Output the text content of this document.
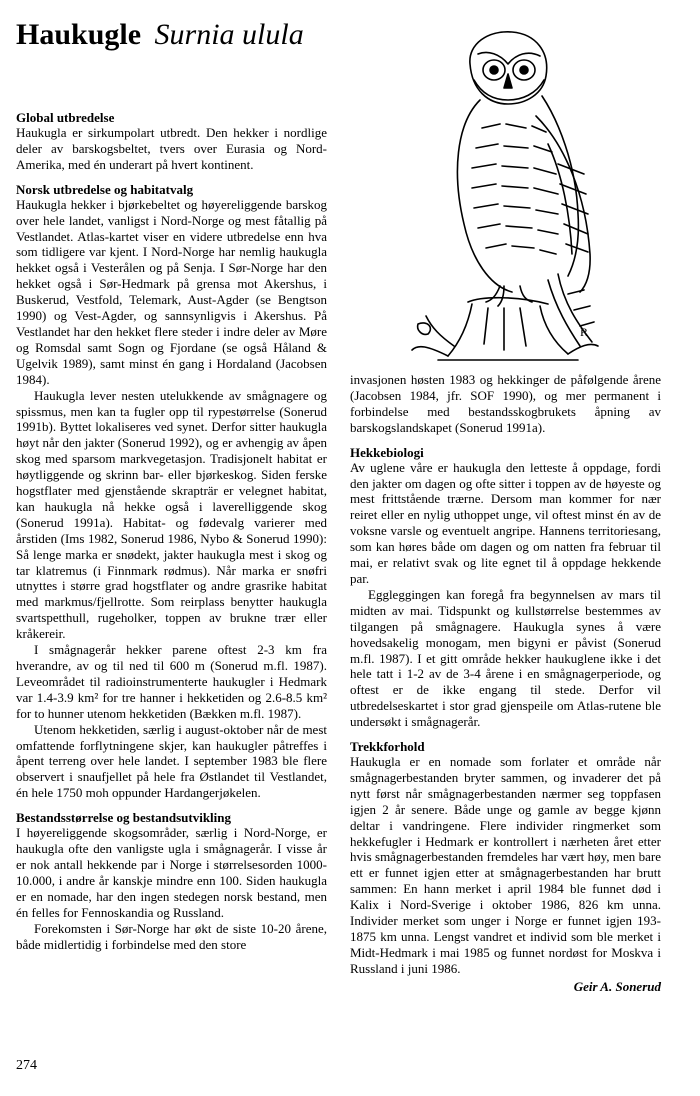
Haukugle Surnia ulula
R
Global utbredelse

Haukugla er sirkumpolart utbredt. Den hekker i nordlige deler av barskogsbeltet, tvers over Eurasia og Nord-Amerika, med én underart på hvert kontinent.

Norsk utbredelse og habitatvalg

Haukugla hekker i bjørkebeltet og høyereliggende barskog over hele landet, vanligst i Nord-Norge og mest fåtallig på Vestlandet. Atlas-kartet viser en videre utbredelse enn hva som tidligere var kjent. I Nord-Norge har nemlig haukugla hekket også i Vesterålen og på Senja. I Sør-Norge har den hekket også i Sør-Hedmark på grensa mot Akershus, i Buskerud, Vestfold, Telemark, Aust-Agder (se Bengtson 1990) og Vest-Agder, og sannsynligvis i Akershus. På Vestlandet har den hekket flere steder i indre deler av Møre og Romsdal samt Sogn og Fjordane (se også Håland & Ugelvik 1989), samt minst én gang i Hordaland (Jacobsen 1984).

Haukugla lever nesten utelukkende av smågnagere og spissmus, men kan ta fugler opp til rypestørrelse (Sonerud 1991b). Byttet lokaliseres ved synet. Derfor sitter haukugla høyt når den jakter (Sonerud 1992), og er avhengig av åpen skog med sparsom markvegetasjon. Tradisjonelt habitat er høytliggende og skrinn bar- eller bjørkeskog. Siden ferske hogstflater med gjenstående skrapträr er velegnet habitat, kan haukugla nå hekke også i laverelliggende skog (Sonerud 1991a). Habitat- og fødevalg varierer med årstiden (Ims 1982, Sonerud 1986, Nybo & Sonerud 1990): Så lenge marka er snødekt, jakter haukugla mest i skog og tar klatremus (i Finnmark rødmus). Når marka er snøfri utnyttes i større grad hogstflater og andre grasrike habitat med markmus/fjellrotte. Som reirplass benytter haukugla svartspetthull, rugeholker, toppen av brukne trær eller kråkereir.

I smågnagerår hekker parene oftest 2-3 km fra hverandre, av og til ned til 600 m (Sonerud m.fl. 1987). Leveområdet til radioinstrumenterte haukugler i Hedmark var 1.4-3.9 km² for tre hanner i hekketiden og 2.6-8.5 km² for to hunner utenom hekketiden (Bækken m.fl. 1987).

Utenom hekketiden, særlig i august-oktober når de mest omfattende forflytningene skjer, kan haukugler påtreffes i åpent terreng over hele landet. I september 1983 ble flere observert i snaufjellet på hele fra Østlandet til Vestlandet, én hele 1750 moh oppunder Hardangerjøkelen.

Bestandsstørrelse og bestandsutvikling

I høyereliggende skogsområder, særlig i Nord-Norge, er haukugla ofte den vanligste ugla i smågnagerår. I visse år er nok antall hekkende par i Norge i størrelsesorden 1000-10.000, i andre år kanskje mindre enn 100. Siden haukugla er en nomade, har den ingen stedegen norsk bestand, men én felles for Fennoskandia og Russland.

Forekomsten i Sør-Norge har økt de siste 10-20 årene, både midlertidig i forbindelse med den store

invasjonen høsten 1983 og hekkinger de påfølgende årene (Jacobsen 1984, jfr. SOF 1990), og mer permanent i forbindelse med bestandsskogbrukets åpning av barskogslandskapet (Sonerud 1991a).

Hekkebiologi

Av uglene våre er haukugla den letteste å oppdage, fordi den jakter om dagen og ofte sitter i toppen av de høyeste og mest frittstående trærne. Dersom man kommer for nær reiret eller en nylig uthoppet unge, vil oftest minst én av de voksne varsle og eventuelt angripe. Hannens territoriesang, som kan høres både om dagen og om natten fra februar til mai, er relativt svak og lite egnet til å oppdage hekkende par.

Eggleggingen kan foregå fra begynnelsen av mars til midten av mai. Tidspunkt og kullstørrelse bestemmes av tilgangen på smågnagere. Haukugla synes å være hovedsakelig monogam, men bigyni er påvist (Sonerud m.fl. 1987). I et gitt område hekker haukuglene ikke i det hele tatt i 1-2 av de 3-4 årene i en smågnagerperiode, og oftest er de ikke engang til stede. Derfor vil utbredelseskartet i stor grad gjenspeile om Atlas-rutene ble undersøkt i smågnagerår.

Trekkforhold

Haukugla er en nomade som forlater et område når smågnagerbestanden bryter sammen, og invaderer det på nytt først når smågnagerbestanden nærmer seg toppfasen igjen 2 år senere. Både unge og gamle av begge kjønn deltar i vandringene. Flere individer ringmerket som hekkefugler i Hedmark er kontrollert i nærheten året etter hvis smågnagerbestanden fremdeles har vært høy, men bare ett er funnet igjen etter at smågnagerbestanden har brutt sammen: En hann merket i april 1984 ble funnet død i Kalix i Nord-Sverige i oktober 1986, 826 km unna. Individer merket som unger i Norge er funnet igjen 193-1875 km unna. Lengst vandret et individ som ble merket i Midt-Hedmark i mai 1985 og funnet nordøst for Moskva i Russland i juni 1986.

Geir A. Sonerud
274
